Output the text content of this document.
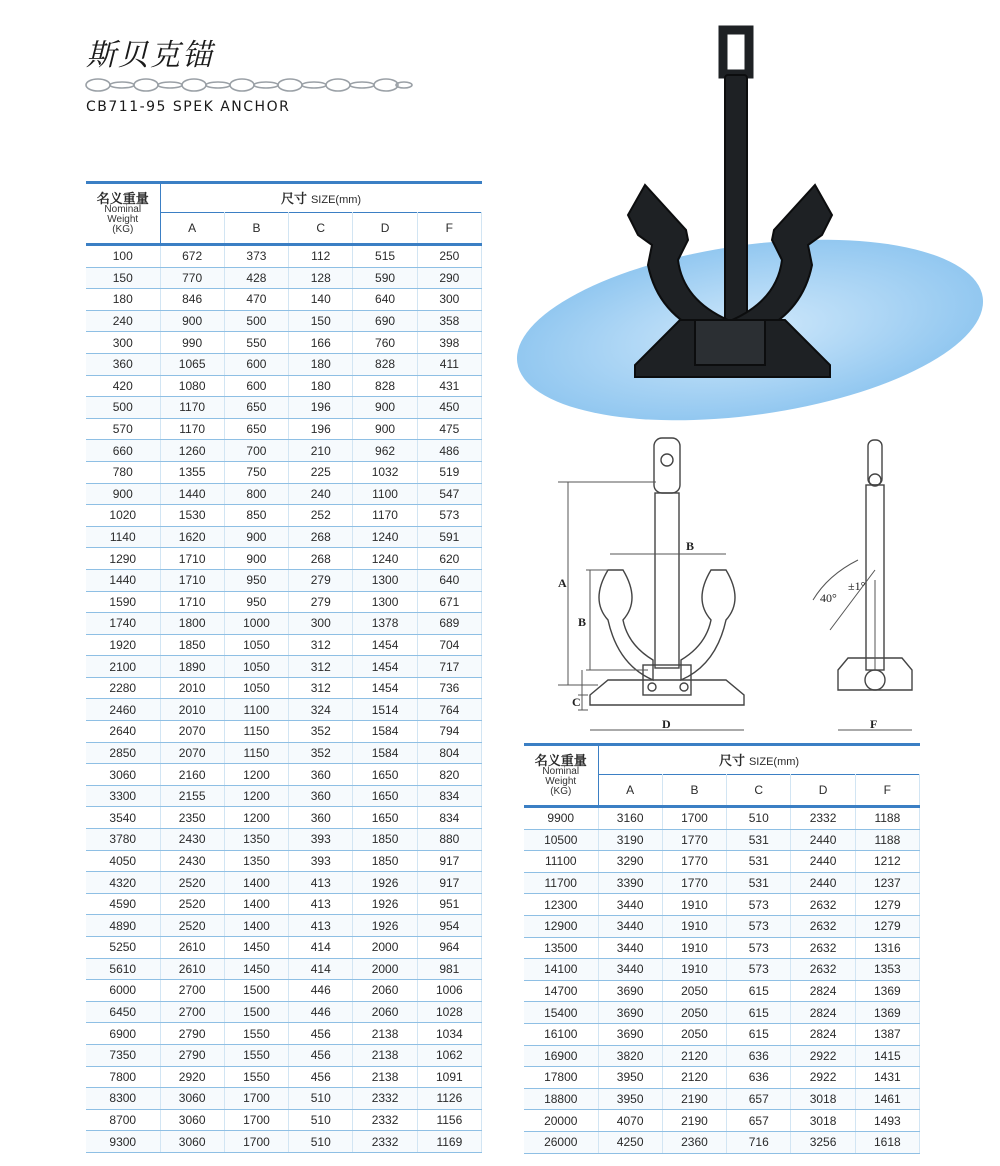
斯贝克锚
CB711-95 SPEK ANCHOR
名义重量
Nominal
Weight
(KG)	尺寸 SIZE(mm)				
	A	B	C	D	F
100	672	373	112	515	250
150	770	428	128	590	290
180	846	470	140	640	300
240	900	500	150	690	358
300	990	550	166	760	398
360	1065	600	180	828	411
420	1080	600	180	828	431
500	1170	650	196	900	450
570	1170	650	196	900	475
660	1260	700	210	962	486
780	1355	750	225	1032	519
900	1440	800	240	1100	547
1020	1530	850	252	1170	573
1140	1620	900	268	1240	591
1290	1710	900	268	1240	620
1440	1710	950	279	1300	640
1590	1710	950	279	1300	671
1740	1800	1000	300	1378	689
1920	1850	1050	312	1454	704
2100	1890	1050	312	1454	717
2280	2010	1050	312	1454	736
2460	2010	1100	324	1514	764
2640	2070	1150	352	1584	794
2850	2070	1150	352	1584	804
3060	2160	1200	360	1650	820
3300	2155	1200	360	1650	834
3540	2350	1200	360	1650	834
3780	2430	1350	393	1850	880
4050	2430	1350	393	1850	917
4320	2520	1400	413	1926	917
4590	2520	1400	413	1926	951
4890	2520	1400	413	1926	954
5250	2610	1450	414	2000	964
5610	2610	1450	414	2000	981
6000	2700	1500	446	2060	1006
6450	2700	1500	446	2060	1028
6900	2790	1550	456	2138	1034
7350	2790	1550	456	2138	1062
7800	2920	1550	456	2138	1091
8300	3060	1700	510	2332	1126
8700	3060	1700	510	2332	1156
9300	3060	1700	510	2332	1169
A
B
C
B
D	F
40°
±1°
名义重量
Nominal
Weight
(KG)	尺寸 SIZE(mm)				
	A	B	C	D	F
9900	3160	1700	510	2332	1188
10500	3190	1770	531	2440	1188
11100	3290	1770	531	2440	1212
11700	3390	1770	531	2440	1237
12300	3440	1910	573	2632	1279
12900	3440	1910	573	2632	1279
13500	3440	1910	573	2632	1316
14100	3440	1910	573	2632	1353
14700	3690	2050	615	2824	1369
15400	3690	2050	615	2824	1369
16100	3690	2050	615	2824	1387
16900	3820	2120	636	2922	1415
17800	3950	2120	636	2922	1431
18800	3950	2190	657	3018	1461
20000	4070	2190	657	3018	1493
26000	4250	2360	716	3256	1618
